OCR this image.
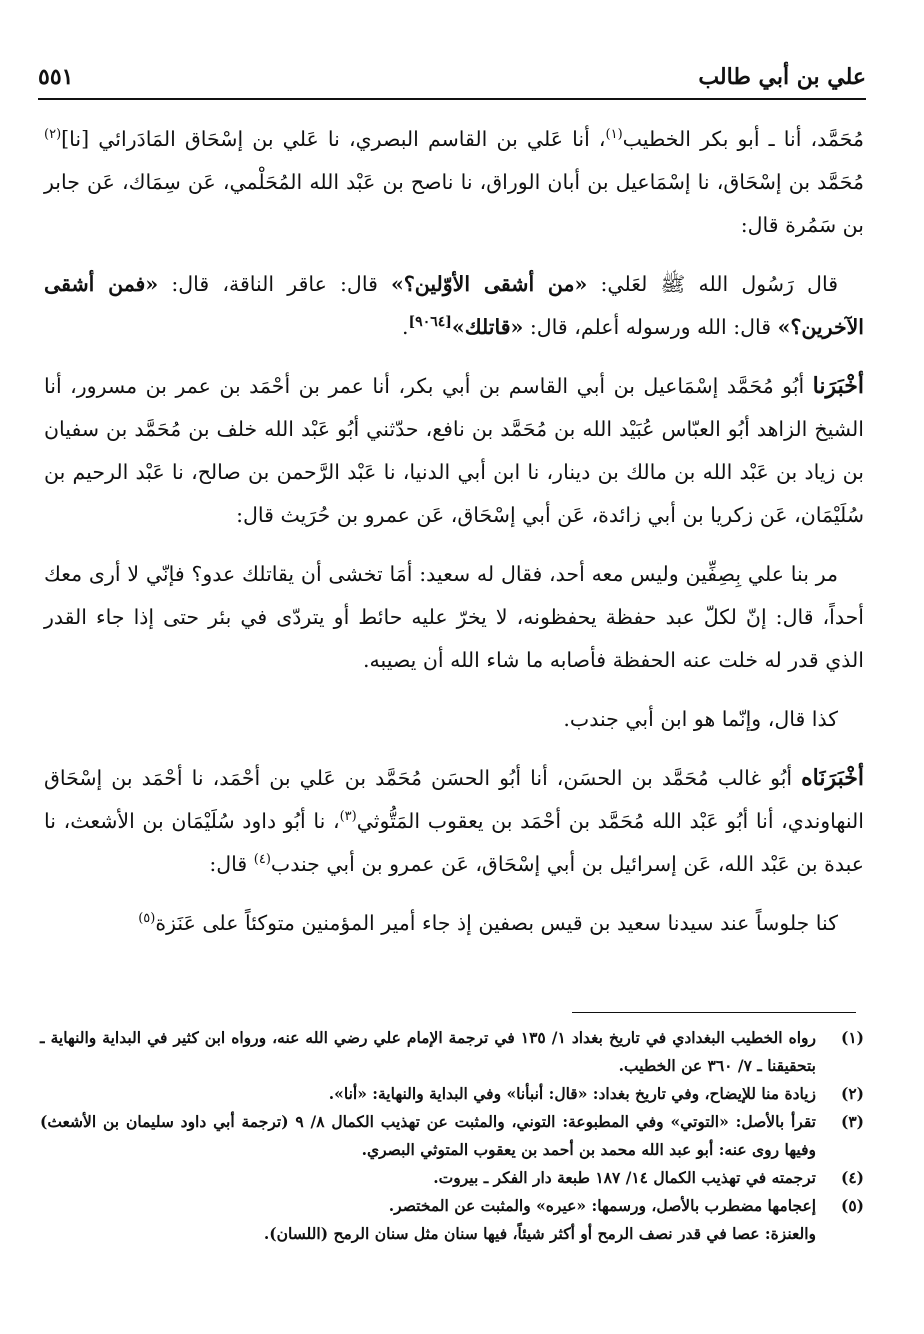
علي بن أبي طالب
٥٥١

مُحَمَّد، أنا ـ أبو بكر الخطيب$^{(١)}$، أنا عَلي بن القاسم البصري، نا عَلي بن إسْحَاق المَادَرائي [نا]$^{(٢)}$ مُحَمَّد بن إسْحَاق، نا إسْمَاعيل بن أبان الوراق، نا ناصح بن عَبْد الله المُحَلْمي، عَن سِمَاك، عَن جابر بن سَمُرة قال:

قال رَسُول الله ﷺ لعَلي: «من أشقى الأوّلين؟» قال: عاقر الناقة، قال: «فمن أشقى الآخرين؟» قال: الله ورسوله أعلم، قال: «قاتلك»[٩٠٦٤].

أخْبَرَنا أبُو مُحَمَّد إسْمَاعيل بن أبي القاسم بن أبي بكر، أنا عمر بن أحْمَد بن عمر بن مسرور، أنا الشيخ الزاهد أبُو العبّاس عُبَيْد الله بن مُحَمَّد بن نافع، حدّثني أبُو عَبْد الله خلف بن مُحَمَّد بن سفيان بن زياد بن عَبْد الله بن مالك بن دينار، نا ابن أبي الدنيا، نا عَبْد الرَّحمن بن صالح، نا عَبْد الرحيم بن سُلَيْمَان، عَن زكريا بن أبي زائدة، عَن أبي إسْحَاق، عَن عمرو بن حُرَيث قال:

مر بنا علي بِصِفِّين وليس معه أحد، فقال له سعيد: أمَا تخشى أن يقاتلك عدو؟ فإنّي لا أرى معك أحداً، قال: إنّ لكلّ عبد حفظة يحفظونه، لا يخرّ عليه حائط أو يتردّى في بئر حتى إذا جاء القدر الذي قدر له خلت عنه الحفظة فأصابه ما شاء الله أن يصيبه.

كذا قال، وإنّما هو ابن أبي جندب.

أخْبَرَنَاه أبُو غالب مُحَمَّد بن الحسَن، أنا أبُو الحسَن مُحَمَّد بن عَلي بن أحْمَد، نا أحْمَد بن إسْحَاق النهاوندي، أنا أبُو عَبْد الله مُحَمَّد بن أحْمَد بن يعقوب المَتُّوثي$^{(٣)}$، نا أبُو داود سُلَيْمَان بن الأشعث، نا عبدة بن عَبْد الله، عَن إسرائيل بن أبي إسْحَاق، عَن عمرو بن أبي جندب$^{(٤)}$ قال:

كنا جلوساً عند سيدنا سعيد بن قيس بصفين إذ جاء أمير المؤمنين متوكئاً على عَنَزة$^{(٥)}$

(١)
رواه الخطيب البغدادي في تاريخ بغداد ١/ ١٣٥ في ترجمة الإمام علي رضي الله عنه، ورواه ابن كثير في البداية والنهاية ـ بتحقيقنا ـ ٧/ ٣٦٠ عن الخطيب.
(٢)
زيادة منا للإيضاح، وفي تاريخ بغداد: «قال: أنبأنا» وفي البداية والنهاية: «أنا».
(٣)
تقرأ بالأصل: «التوتي» وفي المطبوعة: التوني، والمثبت عن تهذيب الكمال ٨/ ٩ (ترجمة أبي داود سليمان بن الأشعث) وفيها روى عنه: أبو عبد الله محمد بن أحمد بن يعقوب المتوثي البصري.
(٤)
ترجمته في تهذيب الكمال ١٤/ ١٨٧ طبعة دار الفكر ـ بيروت.
(٥)
إعجامها مضطرب بالأصل، ورسمها: «عيره» والمثبت عن المختصر.
والعنزة: عصا في قدر نصف الرمح أو أكثر شيئاً، فيها سنان مثل سنان الرمح (اللسان).
